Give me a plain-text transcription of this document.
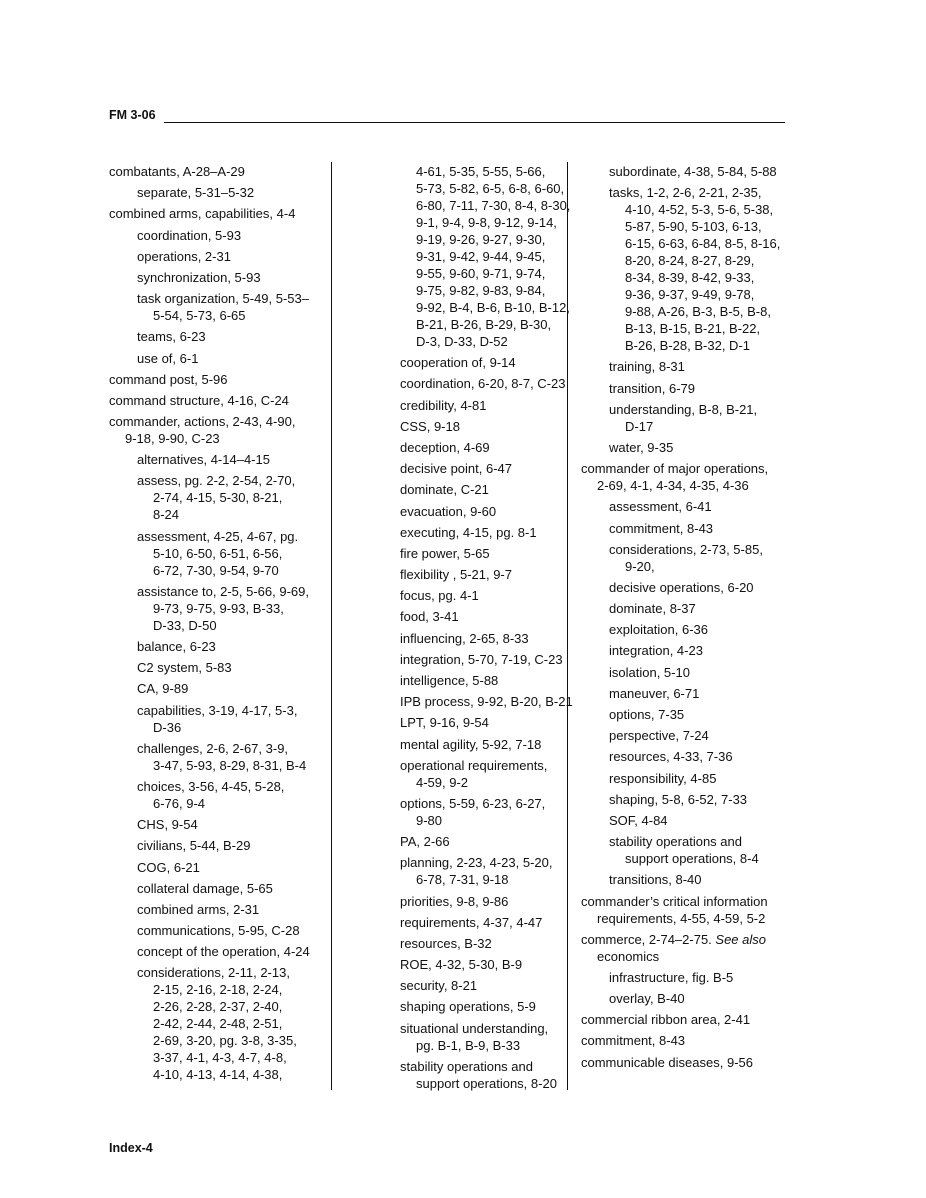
FM 3-06
combatants, A-28–A-29
separate, 5-31–5-32
combined arms, capabilities, 4-4
coordination, 5-93
operations, 2-31
synchronization, 5-93
task organization, 5-49, 5-53–
5-54, 5-73, 6-65
teams, 6-23
use of, 6-1
command post, 5-96
command structure, 4-16, C-24
commander, actions, 2-43, 4-90,
9-18, 9-90, C-23
alternatives, 4-14–4-15
assess, pg. 2-2, 2-54, 2-70,
2-74, 4-15, 5-30, 8-21,
8-24
assessment, 4-25, 4-67, pg.
5-10, 6-50, 6-51, 6-56,
6-72, 7-30, 9-54, 9-70
assistance to, 2-5, 5-66, 9-69,
9-73, 9-75, 9-93, B-33,
D-33, D-50
balance, 6-23
C2 system, 5-83
CA, 9-89
capabilities, 3-19, 4-17, 5-3,
D-36
challenges, 2-6, 2-67, 3-9,
3-47, 5-93, 8-29, 8-31, B-4
choices, 3-56, 4-45, 5-28,
6-76, 9-4
CHS, 9-54
civilians, 5-44, B-29
COG, 6-21
collateral damage, 5-65
combined arms, 2-31
communications, 5-95, C-28
concept of the operation, 4-24
considerations, 2-11, 2-13,
2-15, 2-16, 2-18, 2-24,
2-26, 2-28, 2-37, 2-40,
2-42, 2-44, 2-48, 2-51,
2-69, 3-20, pg. 3-8, 3-35,
3-37, 4-1, 4-3, 4-7, 4-8,
4-10, 4-13, 4-14, 4-38,
4-61, 5-35, 5-55, 5-66,
5-73, 5-82, 6-5, 6-8, 6-60,
6-80, 7-11, 7-30, 8-4, 8-30,
9-1, 9-4, 9-8, 9-12, 9-14,
9-19, 9-26, 9-27, 9-30,
9-31, 9-42, 9-44, 9-45,
9-55, 9-60, 9-71, 9-74,
9-75, 9-82, 9-83, 9-84,
9-92, B-4, B-6, B-10, B-12,
B-21, B-26, B-29, B-30,
D-3, D-33, D-52
cooperation of, 9-14
coordination, 6-20, 8-7, C-23
credibility, 4-81
CSS, 9-18
deception, 4-69
decisive point, 6-47
dominate, C-21
evacuation, 9-60
executing, 4-15, pg. 8-1
fire power, 5-65
flexibility , 5-21, 9-7
focus, pg. 4-1
food, 3-41
influencing, 2-65, 8-33
integration, 5-70, 7-19, C-23
intelligence, 5-88
IPB process, 9-92, B-20, B-21
LPT, 9-16, 9-54
mental agility, 5-92, 7-18
operational requirements,
4-59, 9-2
options, 5-59, 6-23, 6-27,
9-80
PA, 2-66
planning, 2-23, 4-23, 5-20,
6-78, 7-31, 9-18
priorities, 9-8, 9-86
requirements, 4-37, 4-47
resources, B-32
ROE, 4-32, 5-30, B-9
security, 8-21
shaping operations, 5-9
situational understanding,
pg. B-1, B-9, B-33
stability operations and
support operations, 8-20
subordinate, 4-38, 5-84, 5-88
tasks, 1-2, 2-6, 2-21, 2-35,
4-10, 4-52, 5-3, 5-6, 5-38,
5-87, 5-90, 5-103, 6-13,
6-15, 6-63, 6-84, 8-5, 8-16,
8-20, 8-24, 8-27, 8-29,
8-34, 8-39, 8-42, 9-33,
9-36, 9-37, 9-49, 9-78,
9-88, A-26, B-3, B-5, B-8,
B-13, B-15, B-21, B-22,
B-26, B-28, B-32, D-1
training, 8-31
transition, 6-79
understanding, B-8, B-21,
D-17
water, 9-35
commander of major operations,
2-69, 4-1, 4-34, 4-35, 4-36
assessment, 6-41
commitment, 8-43
considerations, 2-73, 5-85,
9-20,
decisive operations, 6-20
dominate, 8-37
exploitation, 6-36
integration, 4-23
isolation, 5-10
maneuver, 6-71
options, 7-35
perspective, 7-24
resources, 4-33, 7-36
responsibility, 4-85
shaping, 5-8, 6-52, 7-33
SOF, 4-84
stability operations and
support operations, 8-4
transitions, 8-40
commander’s critical information
requirements, 4-55, 4-59, 5-2
commerce, 2-74–2-75. See also
economics
infrastructure, fig. B-5
overlay, B-40
commercial ribbon area, 2-41
commitment, 8-43
communicable diseases, 9-56
Index-4
